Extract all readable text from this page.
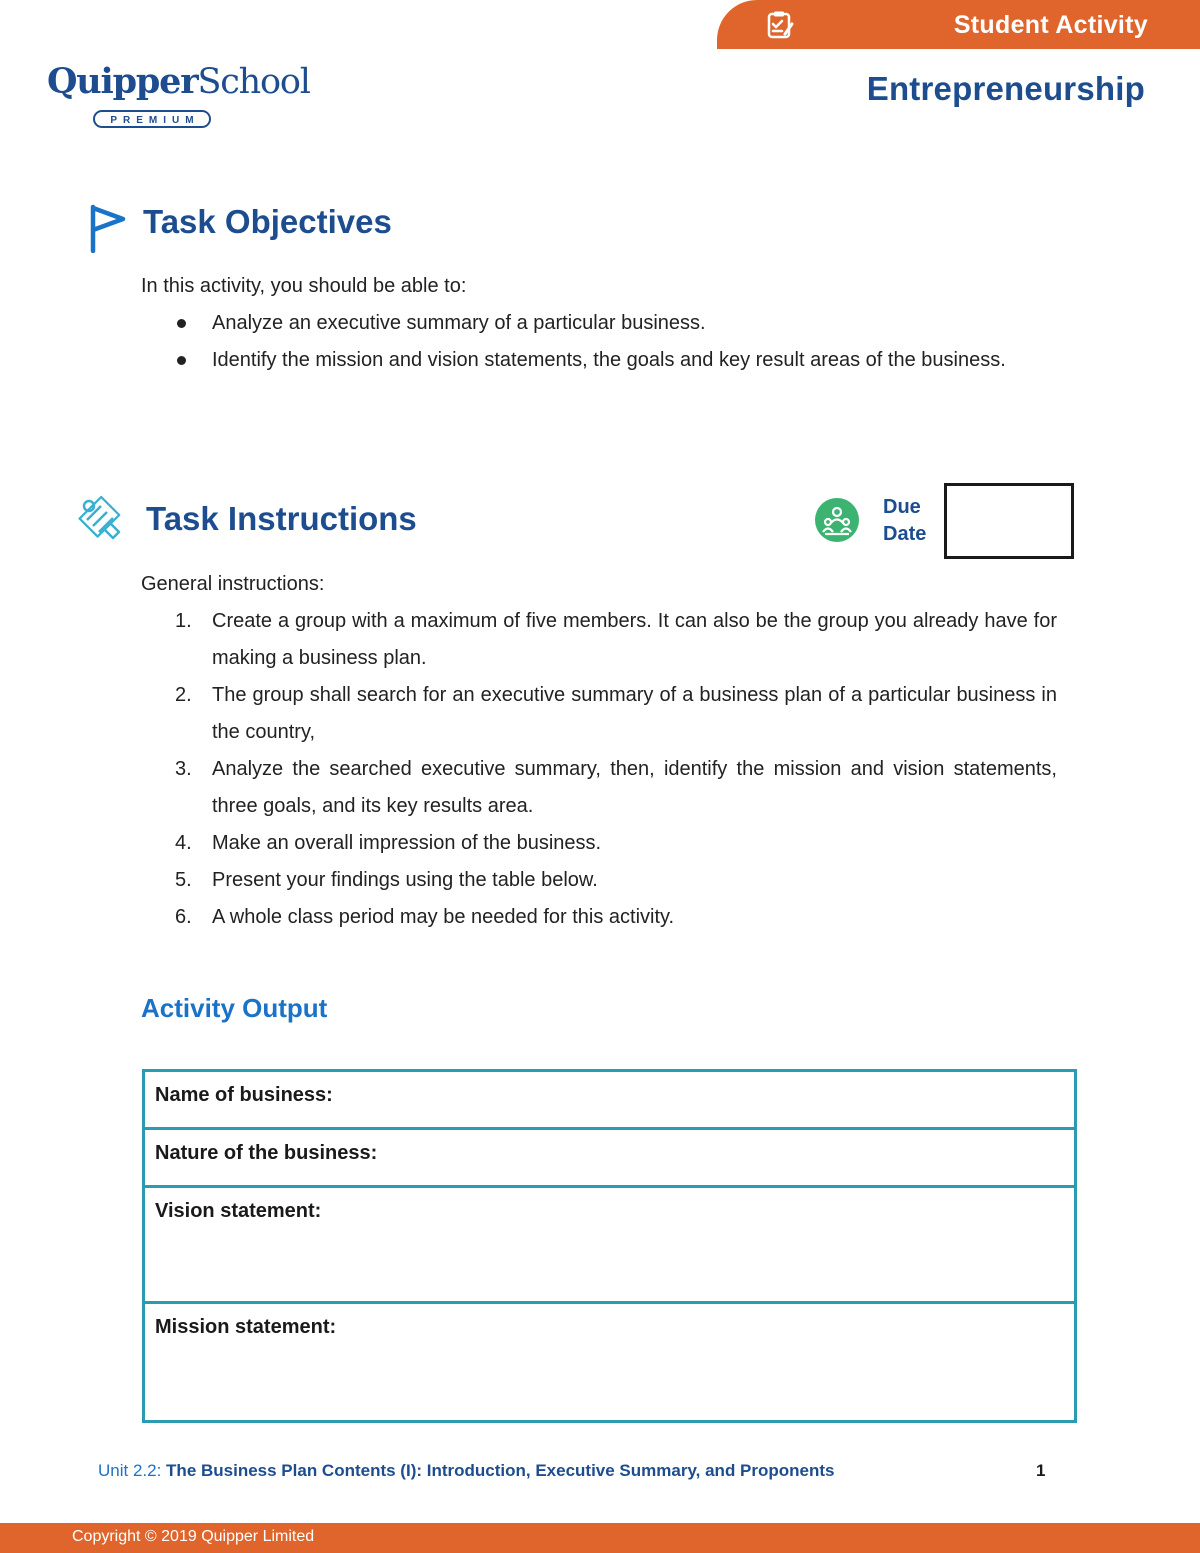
Student Activity
QuipperSchool
PREMIUM
Entrepreneurship
Task Objectives
In this activity, you should be able to:
Analyze an executive summary of a particular business.
Identify the mission and vision statements, the goals and key result areas of the business.
Task Instructions	Due
Date
General instructions:
1. Create a group with a maximum of five members. It can also be the group you already have for making a business plan.
2. The group shall search for an executive summary of a business plan of a particular business in the country,
3. Analyze the searched executive summary, then, identify the mission and vision statements, three goals, and its key results area.
4. Make an overall impression of the business.
5. Present your findings using the table below.
6. A whole class period may be needed for this activity.
Activity Output
Name of business:
Nature of the business:
Vision statement:
Mission statement:
Unit 2.2: The Business Plan Contents (I): Introduction, Executive Summary, and Proponents	1
Copyright © 2019 Quipper Limited
